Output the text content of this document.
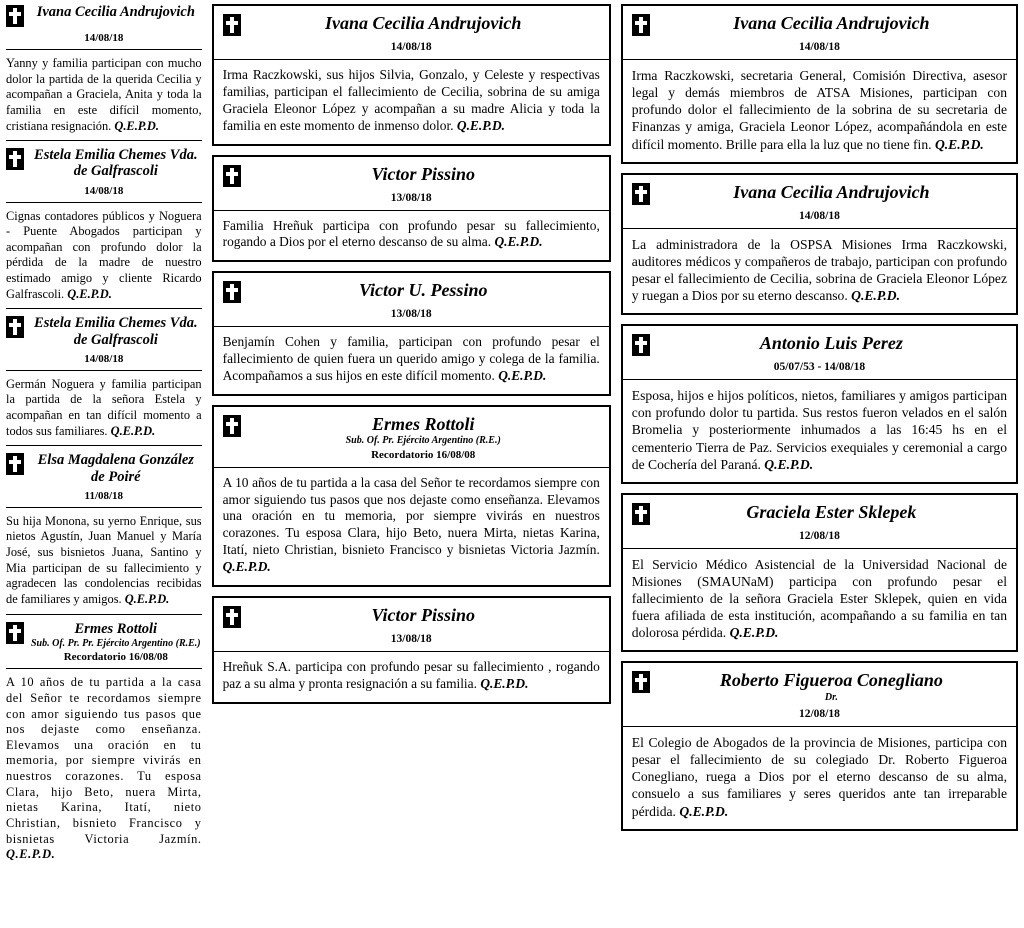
Ivana Cecilia Andrujovich
14/08/18
Yanny y familia participan con mucho dolor la partida de la querida Cecilia y acompañan a Graciela, Anita y toda la familia en este difícil momento, cristiana resignación. Q.E.P.D.
Estela Emilia Chemes Vda. de Galfrascoli
14/08/18
Cignas contadores públicos y Noguera - Puente Abogados participan y acompañan con profundo dolor la pérdida de la madre de nuestro estimado amigo y cliente Ricardo Galfrascoli. Q.E.P.D.
Estela Emilia Chemes Vda. de Galfrascoli
14/08/18
Germán Noguera y familia participan la partida de la señora Estela y acompañan en tan difícil momento a todos sus familiares. Q.E.P.D.
Elsa Magdalena González de Poiré
11/08/18
Su hija Monona, su yerno Enrique, sus nietos Agustín, Juan Manuel y María José, sus bisnietos Juana, Santino y Mia participan de su fallecimiento y agradecen las condolencias recibidas de familiares y amigos. Q.E.P.D.
Ermes Rottoli
Sub. Of. Pr. Pr. Ejército Argentino (R.E.)
Recordatorio 16/08/08
A 10 años de tu partida a la casa del Señor te recordamos siempre con amor siguiendo tus pasos que nos dejaste como enseñanza. Elevamos una oración en tu memoria, por siempre vivirás en nuestros corazones. Tu esposa Clara, hijo Beto, nuera Mirta, nietas Karina, Itatí, nieto Christian, bisnieto Francisco y bisnietas Victoria Jazmín. Q.E.P.D.
Ivana Cecilia Andrujovich
14/08/18
Irma Raczkowski, sus hijos Silvia, Gonzalo, y Celeste y respectivas familias, participan el fallecimiento de Cecilia, sobrina de su amiga Graciela Eleonor López y acompañan a su madre Alicia y toda la familia en este momento de inmenso dolor. Q.E.P.D.
Victor Pissino
13/08/18
Familia Hreñuk participa con profundo pesar su fallecimiento, rogando a Dios por el eterno descanso de su alma. Q.E.P.D.
Victor U. Pessino
13/08/18
Benjamín Cohen y familia, participan con profundo pesar el fallecimiento de quien fuera un querido amigo y colega de la familia. Acompañamos a sus hijos en este difícil momento. Q.E.P.D.
Ermes Rottoli
Sub. Of. Pr. Ejército Argentino (R.E.)
Recordatorio 16/08/08
A 10 años de tu partida a la casa del Señor te recordamos siempre con amor siguiendo tus pasos que nos dejaste como enseñanza. Elevamos una oración en tu memoria, por siempre vivirás en nuestros corazones. Tu esposa Clara, hijo Beto, nuera Mirta, nietas Karina, Itatí, nieto Christian, bisnieto Francisco y bisnietas Victoria Jazmín. Q.E.P.D.
Victor Pissino
13/08/18
Hreñuk S.A. participa con profundo pesar su fallecimiento , rogando paz a su alma y pronta resignación a su familia. Q.E.P.D.
Ivana Cecilia Andrujovich
14/08/18
Irma Raczkowski, secretaria General, Comisión Directiva, asesor legal y demás miembros de ATSA Misiones, participan con profundo dolor el fallecimiento de la sobrina de su secretaria de Finanzas y amiga, Graciela Leonor López, acompañándola en este difícil momento. Brille para ella la luz que no tiene fin. Q.E.P.D.
Ivana Cecilia Andrujovich
14/08/18
La administradora de la OSPSA Misiones Irma Raczkowski, auditores médicos y compañeros de trabajo, participan con profundo pesar el fallecimiento de Cecilia, sobrina de Graciela Eleonor López y ruegan a Dios por su eterno descanso. Q.E.P.D.
Antonio Luis Perez
05/07/53 - 14/08/18
Esposa, hijos e hijos políticos, nietos, familiares y amigos participan con profundo dolor tu partida. Sus restos fueron velados en el salón Bromelia y posteriormente inhumados a las 16:45 hs en el cementerio Tierra de Paz. Servicios exequiales y ceremonial a cargo de Cochería del Paraná. Q.E.P.D.
Graciela Ester Sklepek
12/08/18
El Servicio Médico Asistencial de la Universidad Nacional de Misiones (SMAUNaM) participa con profundo pesar el fallecimiento de la señora Graciela Ester Sklepek, quien en vida fuera afiliada de esta institución, acompañando a su familia en tan dolorosa pérdida. Q.E.P.D.
Roberto Figueroa Conegliano
Dr.
12/08/18
El Colegio de Abogados de la provincia de Misiones, participa con pesar el fallecimiento de su colegiado Dr. Roberto Figueroa Conegliano, ruega a Dios por el eterno descanso de su alma, consuelo a sus familiares y seres queridos ante tan irreparable pérdida. Q.E.P.D.
